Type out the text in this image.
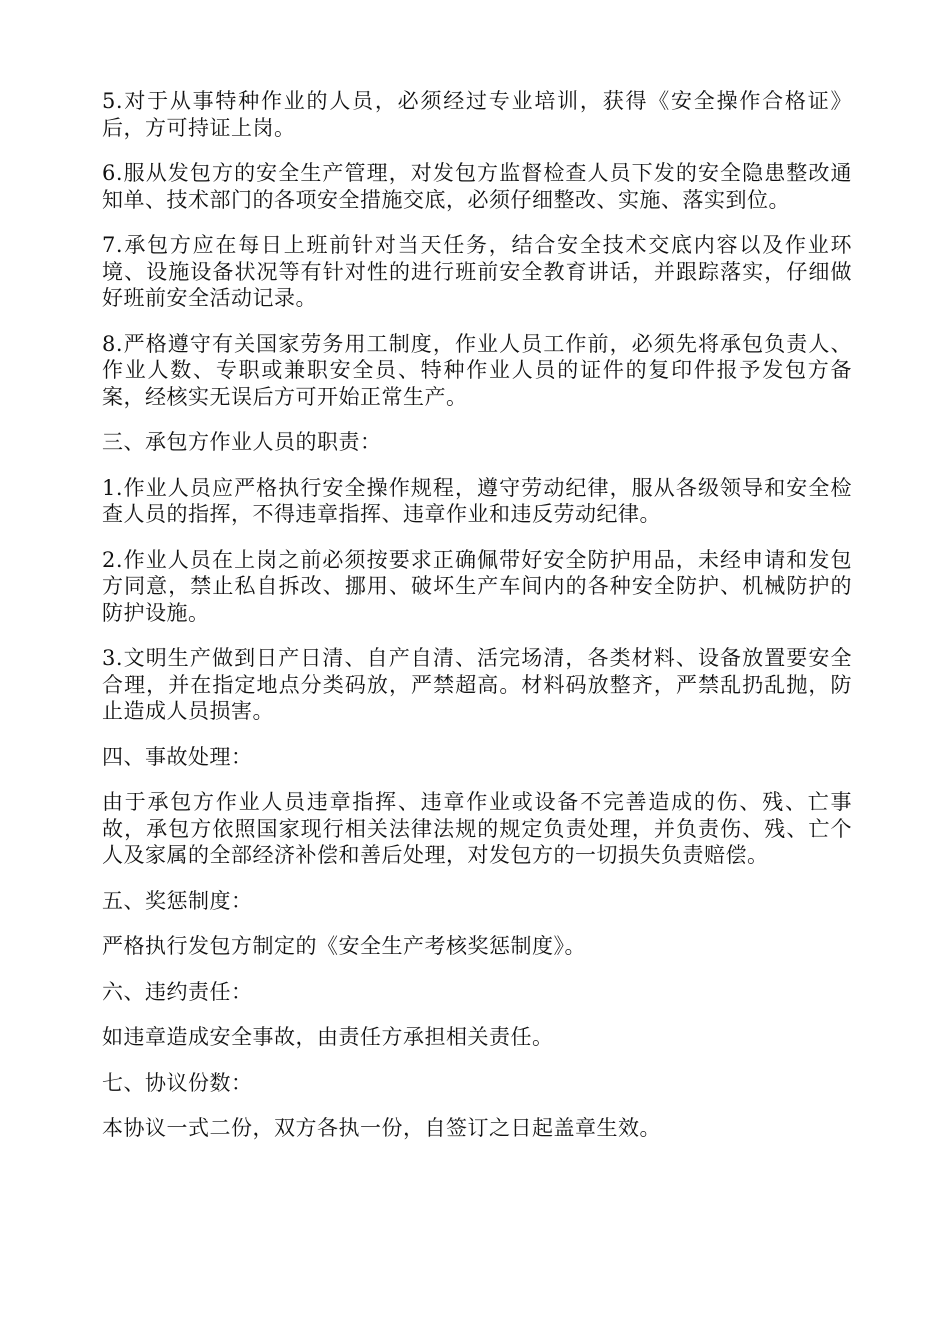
5.对于从事特种作业的人员，必须经过专业培训，获得《安全操作合格证》后，方可持证上岗。

6.服从发包方的安全生产管理，对发包方监督检查人员下发的安全隐患整改通知单、技术部门的各项安全措施交底，必须仔细整改、实施、落实到位。

7.承包方应在每日上班前针对当天任务，结合安全技术交底内容以及作业环境、设施设备状况等有针对性的进行班前安全教育讲话，并跟踪落实，仔细做好班前安全活动记录。

8.严格遵守有关国家劳务用工制度，作业人员工作前，必须先将承包负责人、作业人数、专职或兼职安全员、特种作业人员的证件的复印件报予发包方备案，经核实无误后方可开始正常生产。

三、承包方作业人员的职责：

1.作业人员应严格执行安全操作规程，遵守劳动纪律，服从各级领导和安全检查人员的指挥，不得违章指挥、违章作业和违反劳动纪律。

2.作业人员在上岗之前必须按要求正确佩带好安全防护用品，未经申请和发包方同意，禁止私自拆改、挪用、破坏生产车间内的各种安全防护、机械防护的防护设施。

3.文明生产做到日产日清、自产自清、活完场清，各类材料、设备放置要安全合理，并在指定地点分类码放，严禁超高。材料码放整齐，严禁乱扔乱抛，防止造成人员损害。

四、事故处理：

由于承包方作业人员违章指挥、违章作业或设备不完善造成的伤、残、亡事故，承包方依照国家现行相关法律法规的规定负责处理，并负责伤、残、亡个人及家属的全部经济补偿和善后处理，对发包方的一切损失负责赔偿。

五、奖惩制度：

严格执行发包方制定的《安全生产考核奖惩制度》。

六、违约责任：

如违章造成安全事故，由责任方承担相关责任。

七、协议份数：

本协议一式二份，双方各执一份，自签订之日起盖章生效。
